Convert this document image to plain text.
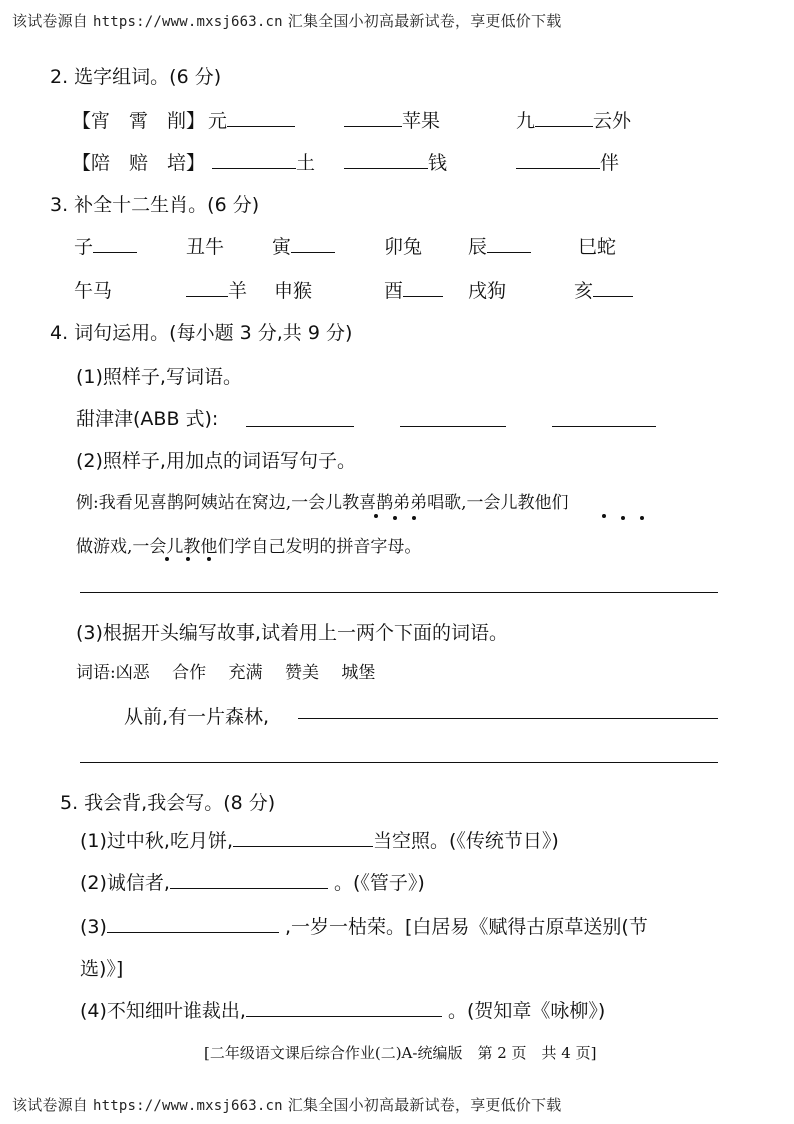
该试卷源自 https://www.mxsj663.cn 汇集全国小初高最新试卷，享更低价下载
2. 选字组词。(6 分)
【宵　霄　削】 元	苹果	九	云外
【陪　赔　培】	土	钱	伴
3. 补全十二生肖。(6 分)
子	丑牛	寅	卯兔 辰	巳蛇
午马	羊 申猴	酉	戌狗	亥
4. 词句运用。(每小题 3 分,共 9 分)
(1)照样子,写词语。
甜津津(ABB 式):
(2)照样子,用加点的词语写句子。
例:我看见喜鹊阿姨站在窝边,一会儿教喜鹊弟弟唱歌,一会儿教他们
做游戏,一会儿教他们学自己发明的拼音字母。
(3)根据开头编写故事,试着用上一两个下面的词语。
词语:凶恶　 合作　 充满　 赞美　 城堡
从前,有一片森林,
5. 我会背,我会写。(8 分)
(1)过中秋,吃月饼,	当空照。(《传统节日》)
(2)诚信者,	。(《管子》)
(3)	,一岁一枯荣。[白居易《赋得古原草送别(节
选)》]
(4)不知细叶谁裁出,	。(贺知章《咏柳》)
[二年级语文课后综合作业(二)A-统编版　第 2 页　共 4 页]
该试卷源自 https://www.mxsj663.cn 汇集全国小初高最新试卷，享更低价下载
